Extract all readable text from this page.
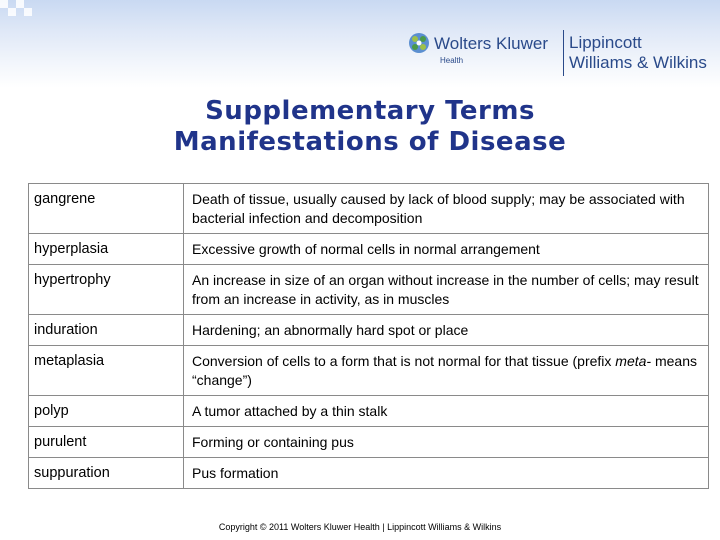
Wolters Kluwer
Health
Lippincott
Williams & Wilkins
Supplementary Terms
Manifestations of Disease
gangrene	Death of tissue, usually caused by lack of blood supply; may be associated with bacterial infection and decomposition
hyperplasia	Excessive growth of normal cells in normal arrangement
hypertrophy	An increase in size of an organ without increase in the number of cells; may result from an increase in activity, as in muscles
induration	Hardening; an abnormally hard spot or place
metaplasia	Conversion of cells to a form that is not normal for that tissue (prefix meta- means “change”)
polyp	A tumor attached by a thin stalk
purulent	Forming or containing pus
suppuration	Pus formation
Copyright © 2011 Wolters Kluwer Health | Lippincott Williams & Wilkins
